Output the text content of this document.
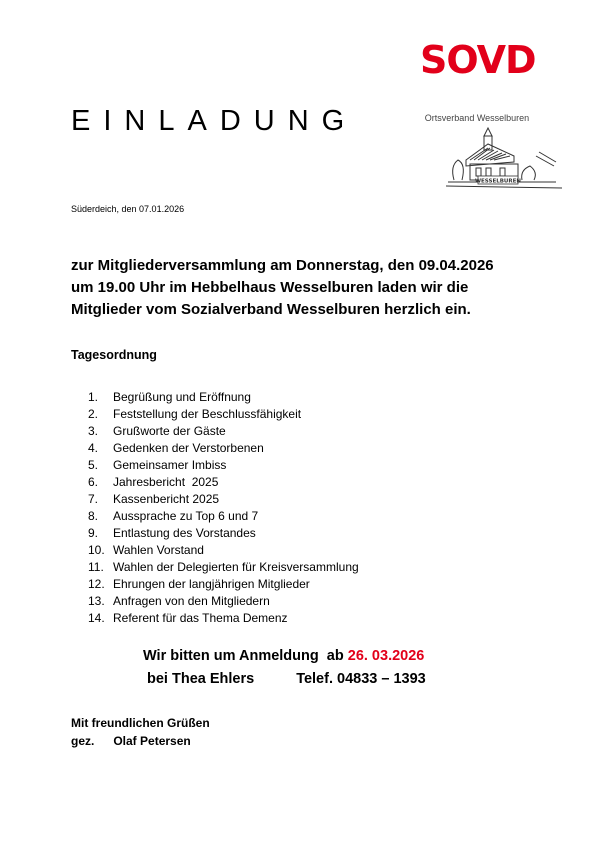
SOVD
EINLADUNG	Ortsverband Wesselburen
WESSELBUREN
Süderdeich, den 07.01.2026
zur Mitgliederversammlung am Donnerstag, den 09.04.2026
um 19.00 Uhr im Hebbelhaus Wesselburen laden wir die
Mitglieder vom Sozialverband Wesselburen herzlich ein.
Tagesordnung
1.	Begrüßung und Eröffnung
2.	Feststellung der Beschlussfähigkeit
3.	Grußworte der Gäste
4.	Gedenken der Verstorbenen
5.	Gemeinsamer Imbiss
6.	Jahresbericht  2025
7.	Kassenbericht 2025
8.	Aussprache zu Top 6 und 7
9.	Entlastung des Vorstandes
10. Wahlen Vorstand
11. Wahlen der Delegierten für Kreisversammlung
12. Ehrungen der langjährigen Mitglieder
13. Anfragen von den Mitgliedern
14. Referent für das Thema Demenz
Wir bitten um Anmeldung  ab 26. 03.2026
bei Thea Ehlers	Telef. 04833 – 1393
Mit freundlichen Grüßen
gez. Olaf Petersen
